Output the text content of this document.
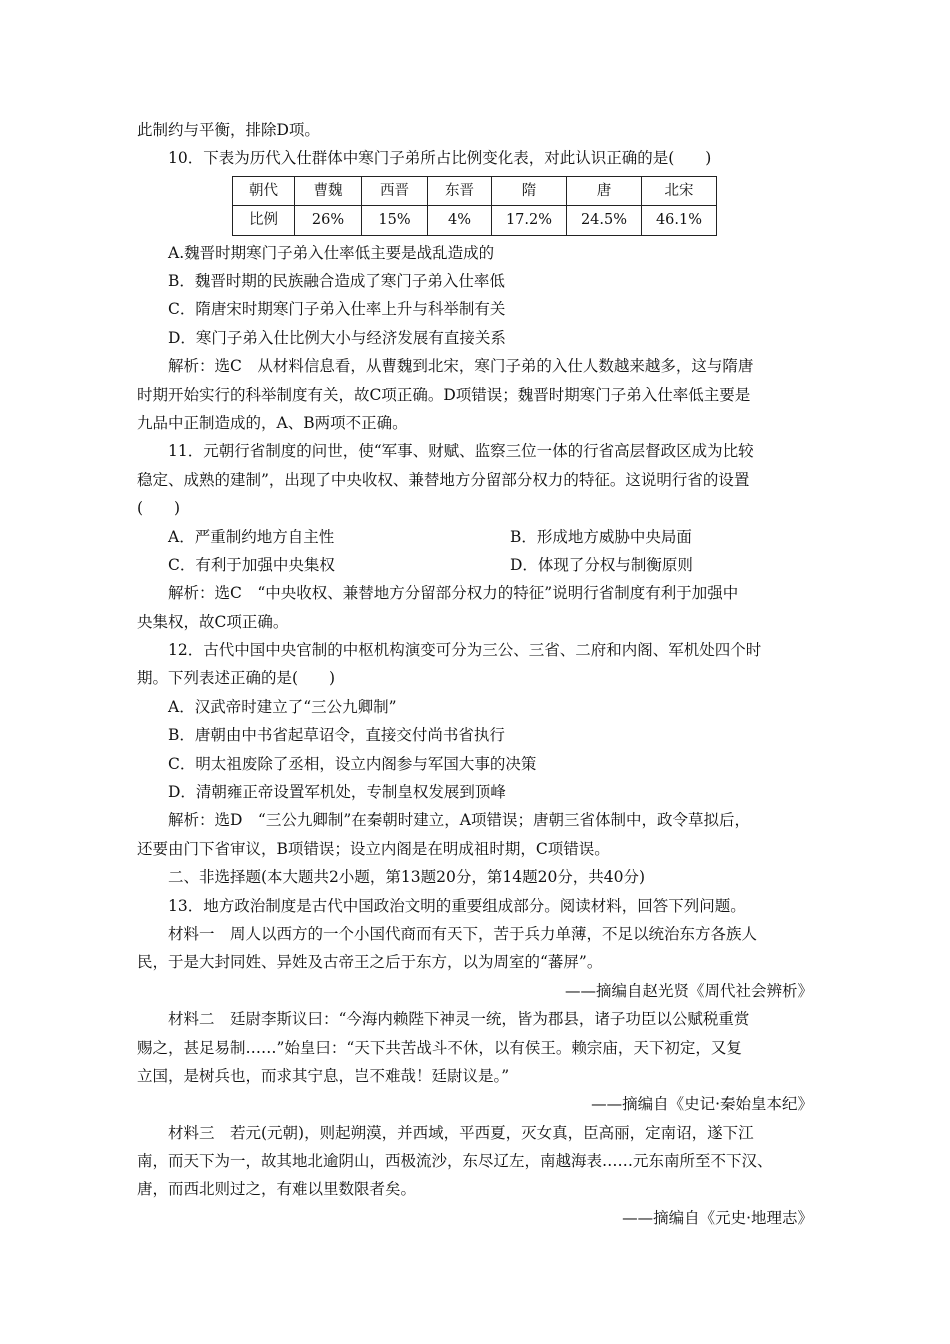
此制约与平衡，排除D项。
10．下表为历代入仕群体中寒门子弟所占比例变化表，对此认识正确的是(　　)
朝代	曹魏	西晋	东晋	隋	唐	北宋
比例	26%	15%	4%	17.2%	24.5%	46.1%
A.魏晋时期寒门子弟入仕率低主要是战乱造成的
B．魏晋时期的民族融合造成了寒门子弟入仕率低
C．隋唐宋时期寒门子弟入仕率上升与科举制有关
D．寒门子弟入仕比例大小与经济发展有直接关系
解析：选C　从材料信息看，从曹魏到北宋，寒门子弟的入仕人数越来越多，这与隋唐
时期开始实行的科举制度有关，故C项正确。D项错误；魏晋时期寒门子弟入仕率低主要是
九品中正制造成的，A、B两项不正确。
11．元朝行省制度的问世，使“军事、财赋、监察三位一体的行省高层督政区成为比较
稳定、成熟的建制”，出现了中央收权、兼替地方分留部分权力的特征。这说明行省的设置
(　　)
A．严重制约地方自主性	B．形成地方威胁中央局面
C．有利于加强中央集权	D．体现了分权与制衡原则
解析：选C　“中央收权、兼替地方分留部分权力的特征”说明行省制度有利于加强中
央集权，故C项正确。
12．古代中国中央官制的中枢机构演变可分为三公、三省、二府和内阁、军机处四个时
期。下列表述正确的是(　　)
A．汉武帝时建立了“三公九卿制”
B．唐朝由中书省起草诏令，直接交付尚书省执行
C．明太祖废除了丞相，设立内阁参与军国大事的决策
D．清朝雍正帝设置军机处，专制皇权发展到顶峰
解析：选D　“三公九卿制”在秦朝时建立，A项错误；唐朝三省体制中，政令草拟后，
还要由门下省审议，B项错误；设立内阁是在明成祖时期，C项错误。
二、非选择题(本大题共2小题，第13题20分，第14题20分，共40分)
13．地方政治制度是古代中国政治文明的重要组成部分。阅读材料，回答下列问题。
材料一　周人以西方的一个小国代商而有天下，苦于兵力单薄，不足以统治东方各族人
民，于是大封同姓、异姓及古帝王之后于东方，以为周室的“蕃屏”。
——摘编自赵光贤《周代社会辨析》
材料二　廷尉李斯议曰：“今海内赖陛下神灵一统，皆为郡县，诸子功臣以公赋税重赏
赐之，甚足易制……”始皇曰：“天下共苦战斗不休，以有侯王。赖宗庙，天下初定，又复
立国，是树兵也，而求其宁息，岂不难哉！廷尉议是。”
——摘编自《史记·秦始皇本纪》
材料三　若元(元朝)，则起朔漠，并西域，平西夏，灭女真，臣高丽，定南诏，遂下江
南，而天下为一，故其地北逾阴山，西极流沙，东尽辽左，南越海表……元东南所至不下汉、
唐，而西北则过之，有难以里数限者矣。
——摘编自《元史·地理志》
